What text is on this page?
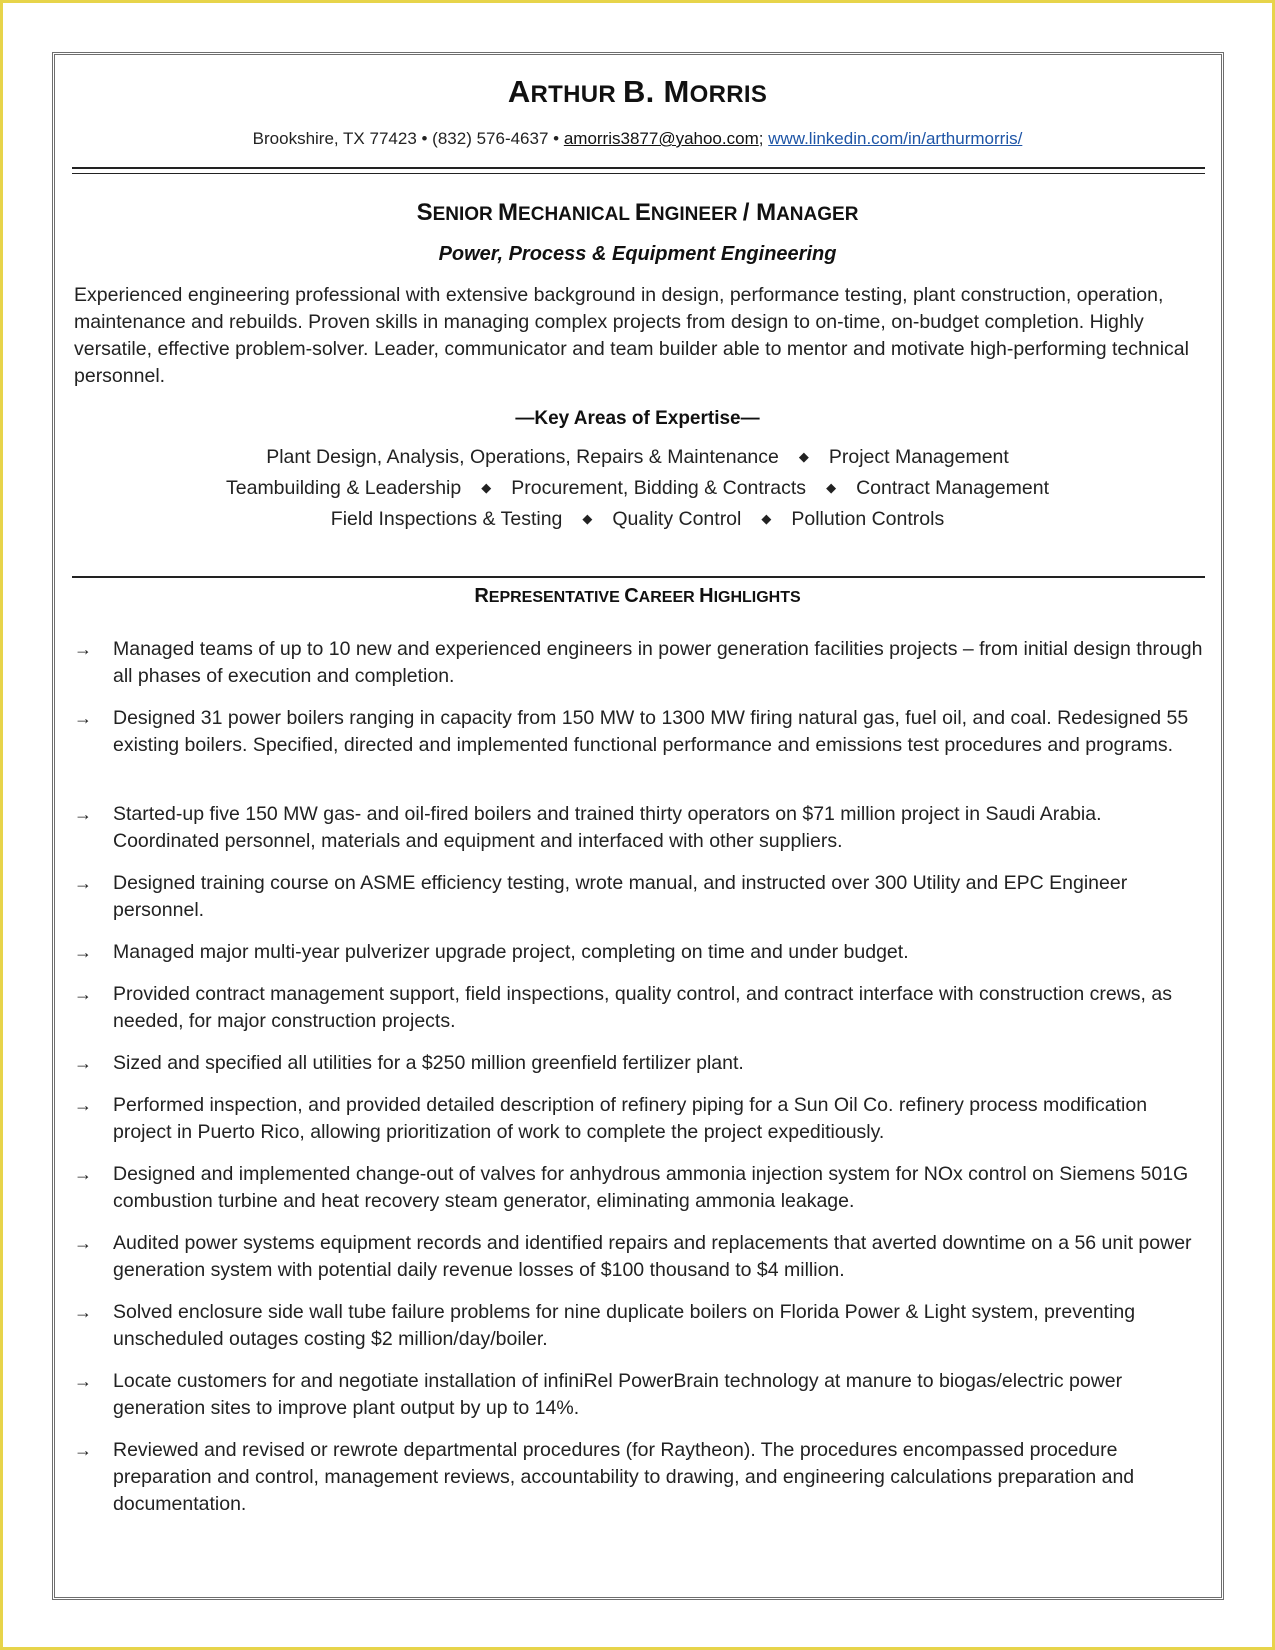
ARTHUR B. MORRIS
Brookshire, TX 77423 • (832) 576-4637 • amorris3877@yahoo.com; www.linkedin.com/in/arthurmorris/
SENIOR MECHANICAL ENGINEER / MANAGER
Power, Process & Equipment Engineering
Experienced engineering professional with extensive background in design, performance testing, plant construction, operation, maintenance and rebuilds. Proven skills in managing complex projects from design to on-time, on-budget completion. Highly versatile, effective problem-solver. Leader, communicator and team builder able to mentor and motivate high-performing technical personnel.
—Key Areas of Expertise—
Plant Design, Analysis, Operations, Repairs & Maintenance ◆ Project Management
Teambuilding & Leadership ◆ Procurement, Bidding & Contracts ◆ Contract Management
Field Inspections & Testing ◆ Quality Control ◆ Pollution Controls
REPRESENTATIVE CAREER HIGHLIGHTS
→ Managed teams of up to 10 new and experienced engineers in power generation facilities projects – from initial design through all phases of execution and completion.
→ Designed 31 power boilers ranging in capacity from 150 MW to 1300 MW firing natural gas, fuel oil, and coal. Redesigned 55 existing boilers. Specified, directed and implemented functional performance and emissions test procedures and programs.
→ Started-up five 150 MW gas- and oil-fired boilers and trained thirty operators on $71 million project in Saudi Arabia. Coordinated personnel, materials and equipment and interfaced with other suppliers.
→ Designed training course on ASME efficiency testing, wrote manual, and instructed over 300 Utility and EPC Engineer personnel.
→ Managed major multi-year pulverizer upgrade project, completing on time and under budget.
→ Provided contract management support, field inspections, quality control, and contract interface with construction crews, as needed, for major construction projects.
→ Sized and specified all utilities for a $250 million greenfield fertilizer plant.
→ Performed inspection, and provided detailed description of refinery piping for a Sun Oil Co. refinery process modification project in Puerto Rico, allowing prioritization of work to complete the project expeditiously.
→ Designed and implemented change-out of valves for anhydrous ammonia injection system for NOx control on Siemens 501G combustion turbine and heat recovery steam generator, eliminating ammonia leakage.
→ Audited power systems equipment records and identified repairs and replacements that averted downtime on a 56 unit power generation system with potential daily revenue losses of $100 thousand to $4 million.
→ Solved enclosure side wall tube failure problems for nine duplicate boilers on Florida Power & Light system, preventing unscheduled outages costing $2 million/day/boiler.
→ Locate customers for and negotiate installation of infiniRel PowerBrain technology at manure to biogas/electric power generation sites to improve plant output by up to 14%.
→ Reviewed and revised or rewrote departmental procedures (for Raytheon). The procedures encompassed procedure preparation and control, management reviews, accountability to drawing, and engineering calculations preparation and documentation.
